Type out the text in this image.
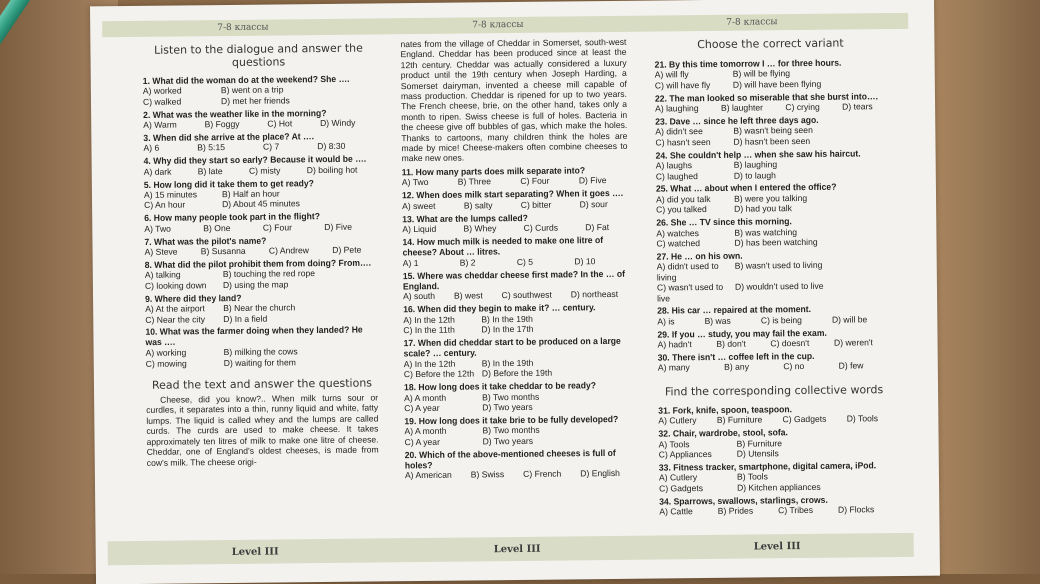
7-8 классы	7-8 классы	7-8 классы
Listen to the dialogue and answer the questions
1. What did the woman do at the weekend? She ….
A) worked	B) went on a trip
C) walked	D) met her friends
2. What was the weather like in the morning?
A) Warm	B) Foggy	C) Hot	D) Windy
3. When did she arrive at the place? At ….
A) 6	B) 5:15	C) 7	D) 8:30
4. Why did they start so early? Because it would be ….
A) dark	B) late	C) misty	D) boiling hot
5. How long did it take them to get ready?
A) 15 minutes	B) Half an hour
C) An hour	D) About 45 minutes
6. How many people took part in the flight?
A) Two	B) One	C) Four	D) Five
7. What was the pilot's name?
A) Steve	B) Susanna	C) Andrew	D) Pete
8. What did the pilot prohibit them from doing? From….
A) talking	B) touching the red rope
C) looking down	D) using the map
9. Where did they land?
A) At the airport	B) Near the church
C) Near the city	D) In a field
10. What was the farmer doing when they landed? He was ….
A) working	B) milking the cows
C) mowing	D) waiting for them
Read the text and answer the questions

Cheese, did you know?.. When milk turns sour or curdles, it separates into a thin, runny liquid and white, fatty lumps. The liquid is called whey and the lumps are called curds. The curds are used to make cheese. It takes approximately ten litres of milk to make one litre of cheese. Cheddar, one of England's oldest cheeses, is made from cow's milk. The cheese origi-

nates from the village of Cheddar in Somerset, south-west England. Cheddar has been produced since at least the 12th century. Cheddar was actually considered a luxury product until the 19th century when Joseph Harding, a Somerset dairyman, invented a cheese mill capable of mass production. Cheddar is ripened for up to two years. The French cheese, brie, on the other hand, takes only a month to ripen. Swiss cheese is full of holes. Bacteria in the cheese give off bubbles of gas, which make the holes. Thanks to cartoons, many children think the holes are made by mice! Cheese-makers often combine cheeses to make new ones.

11. How many parts does milk separate into?
A) Two	B) Three	C) Four	D) Five
12. When does milk start separating? When it goes ….
A) sweet	B) salty	C) bitter	D) sour
13. What are the lumps called?
A) Liquid	B) Whey	C) Curds	D) Fat
14. How much milk is needed to make one litre of cheese? About … litres.
A) 1	B) 2	C) 5	D) 10
15. Where was cheddar cheese first made? In the … of England.
A) south	B) west	C) southwest	D) northeast
16. When did they begin to make it? … century.
A) In the 12th	B) In the 19th
C) In the 11th	D) In the 17th
17. When did cheddar start to be produced on a large scale? … century.
A) In the 12th	B) In the 19th
C) Before the 12th D) Before the 19th
18. How long does it take cheddar to be ready?
A) A month	B) Two months
C) A year	D) Two years
19. How long does it take brie to be fully developed?
A) A month	B) Two months
C) A year	D) Two years
20. Which of the above-mentioned cheeses is full of holes?
A) American	B) Swiss	C) French	D) English
Choose the correct variant
21. By this time tomorrow I … for three hours.
A) will fly	B) will be flying
C) will have fly	D) will have been flying
22. The man looked so miserable that she burst into….
A) laughing	B) laughter	C) crying	D) tears
23. Dave … since he left three days ago.
A) didn't see	B) wasn't being seen
C) hasn't seen	D) hasn't been seen
24. She couldn't help … when she saw his haircut.
A) laughs	B) laughing
C) laughed	D) to laugh
25. What … about when I entered the office?
A) did you talk	B) were you talking
C) you talked	D) had you talk
26. She … TV since this morning.
A) watches	B) was watching
C) watched	D) has been watching
27. He … on his own.
A) didn't used to living
B) wasn't used to living
C) wasn't used to live
D) wouldn't used to live
28. His car … repaired at the moment.
A) is	B) was	C) is being	D) will be
29. If you … study, you may fail the exam.
A) hadn't	B) don't	C) doesn't	D) weren't
30. There isn't … coffee left in the cup.
A) many	B) any	C) no	D) few
Find the corresponding collective words
31. Fork, knife, spoon, teaspoon.
A) Cutlery	B) Furniture	C) Gadgets	D) Tools
32. Chair, wardrobe, stool, sofa.
A) Tools	B) Furniture
C) Appliances	D) Utensils
33. Fitness tracker, smartphone, digital camera, iPod.
A) Cutlery	B) Tools
C) Gadgets	D) Kitchen appliances
34. Sparrows, swallows, starlings, crows.
A) Cattle	B) Prides	C) Tribes	D) Flocks
Level III	Level III	Level III
